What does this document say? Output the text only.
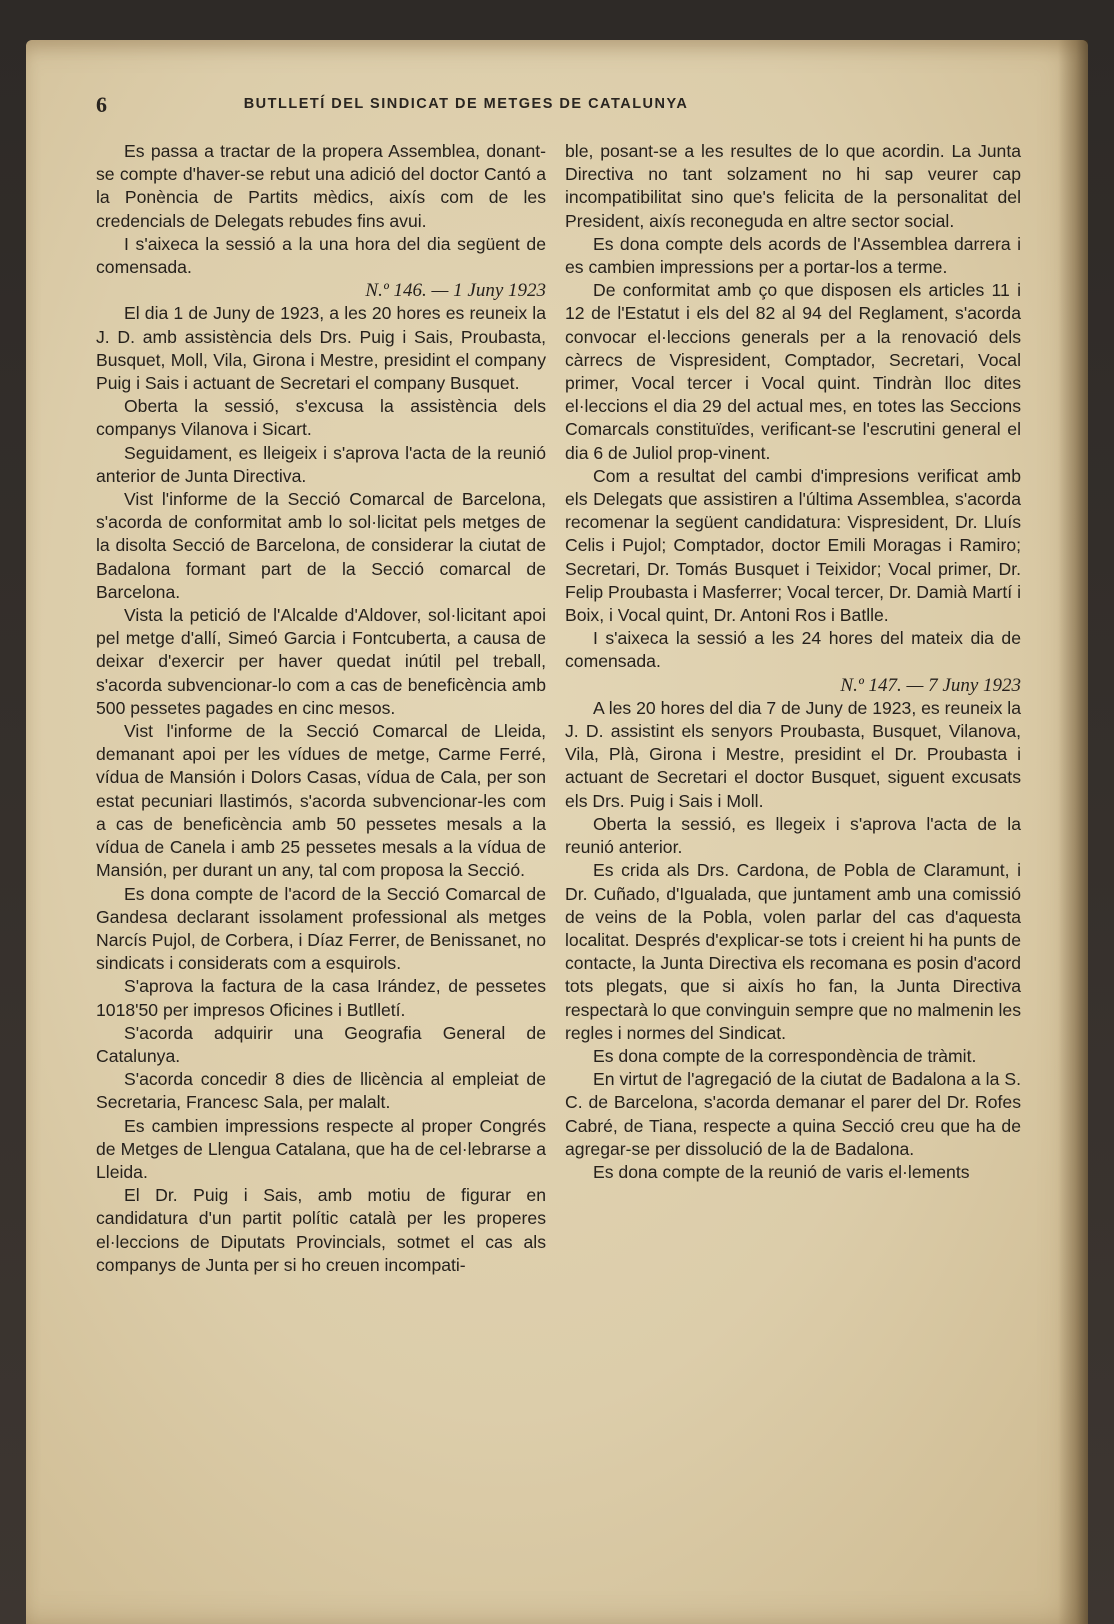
6	BUTLLETÍ DEL SINDICAT DE METGES DE CATALUNYA

Es passa a tractar de la propera Assemblea, donant-se compte d'haver-se rebut una adició del doctor Cantó a la Ponència de Partits mèdics, aixís com de les credencials de Delegats rebudes fins avui.

I s'aixeca la sessió a la una hora del dia següent de comensada.

N.º 146. — 1 Juny 1923

El dia 1 de Juny de 1923, a les 20 hores es reuneix la J. D. amb assistència dels Drs. Puig i Sais, Proubasta, Busquet, Moll, Vila, Girona i Mestre, presidint el company Puig i Sais i actuant de Secretari el company Busquet.

Oberta la sessió, s'excusa la assistència dels companys Vilanova i Sicart.

Seguidament, es lleigeix i s'aprova l'acta de la reunió anterior de Junta Directiva.

Vist l'informe de la Secció Comarcal de Barcelona, s'acorda de conformitat amb lo sol·licitat pels metges de la disolta Secció de Barcelona, de considerar la ciutat de Badalona formant part de la Secció comarcal de Barcelona.

Vista la petició de l'Alcalde d'Aldover, sol·licitant apoi pel metge d'allí, Simeó Garcia i Fontcuberta, a causa de deixar d'exercir per haver quedat inútil pel treball, s'acorda subvencionar-lo com a cas de beneficència amb 500 pessetes pagades en cinc mesos.

Vist l'informe de la Secció Comarcal de Lleida, demanant apoi per les vídues de metge, Carme Ferré, vídua de Mansión i Dolors Casas, vídua de Cala, per son estat pecuniari llastimós, s'acorda subvencionar-les com a cas de beneficència amb 50 pessetes mesals a la vídua de Canela i amb 25 pessetes mesals a la vídua de Mansión, per durant un any, tal com proposa la Secció.

Es dona compte de l'acord de la Secció Comarcal de Gandesa declarant issolament professional als metges Narcís Pujol, de Corbera, i Díaz Ferrer, de Benissanet, no sindicats i considerats com a esquirols.

S'aprova la factura de la casa Irández, de pessetes 1018'50 per impresos Oficines i Butlletí.

S'acorda adquirir una Geografia General de Catalunya.

S'acorda concedir 8 dies de llicència al empleiat de Secretaria, Francesc Sala, per malalt.

Es cambien impressions respecte al proper Congrés de Metges de Llengua Catalana, que ha de cel·lebrarse a Lleida.

El Dr. Puig i Sais, amb motiu de figurar en candidatura d'un partit polític català per les properes el·leccions de Diputats Provincials, sotmet el cas als companys de Junta per si ho creuen incompati-

ble, posant-se a les resultes de lo que acordin. La Junta Directiva no tant solzament no hi sap veurer cap incompatibilitat sino que's felicita de la personalitat del President, aixís reconeguda en altre sector social.

Es dona compte dels acords de l'Assemblea darrera i es cambien impressions per a portar-los a terme.

De conformitat amb ço que disposen els articles 11 i 12 de l'Estatut i els del 82 al 94 del Reglament, s'acorda convocar el·leccions generals per a la renovació dels càrrecs de Vispresident, Comptador, Secretari, Vocal primer, Vocal tercer i Vocal quint. Tindràn lloc dites el·leccions el dia 29 del actual mes, en totes las Seccions Comarcals constituïdes, verificant-se l'escrutini general el dia 6 de Juliol prop-vinent.

Com a resultat del cambi d'impresions verificat amb els Delegats que assistiren a l'última Assemblea, s'acorda recomenar la següent candidatura: Vispresident, Dr. Lluís Celis i Pujol; Comptador, doctor Emili Moragas i Ramiro; Secretari, Dr. Tomás Busquet i Teixidor; Vocal primer, Dr. Felip Proubasta i Masferrer; Vocal tercer, Dr. Damià Martí i Boix, i Vocal quint, Dr. Antoni Ros i Batlle.

I s'aixeca la sessió a les 24 hores del mateix dia de comensada.

N.º 147. — 7 Juny 1923

A les 20 hores del dia 7 de Juny de 1923, es reuneix la J. D. assistint els senyors Proubasta, Busquet, Vilanova, Vila, Plà, Girona i Mestre, presidint el Dr. Proubasta i actuant de Secretari el doctor Busquet, siguent excusats els Drs. Puig i Sais i Moll.

Oberta la sessió, es llegeix i s'aprova l'acta de la reunió anterior.

Es crida als Drs. Cardona, de Pobla de Claramunt, i Dr. Cuñado, d'Igualada, que juntament amb una comissió de veins de la Pobla, volen parlar del cas d'aquesta localitat. Després d'explicar-se tots i creient hi ha punts de contacte, la Junta Directiva els recomana es posin d'acord tots plegats, que si aixís ho fan, la Junta Directiva respectarà lo que convinguin sempre que no malmenin les regles i normes del Sindicat.

Es dona compte de la correspondència de tràmit.

En virtut de l'agregació de la ciutat de Badalona a la S. C. de Barcelona, s'acorda demanar el parer del Dr. Rofes Cabré, de Tiana, respecte a quina Secció creu que ha de agregar-se per dissolució de la de Badalona.

Es dona compte de la reunió de varis el·lements
